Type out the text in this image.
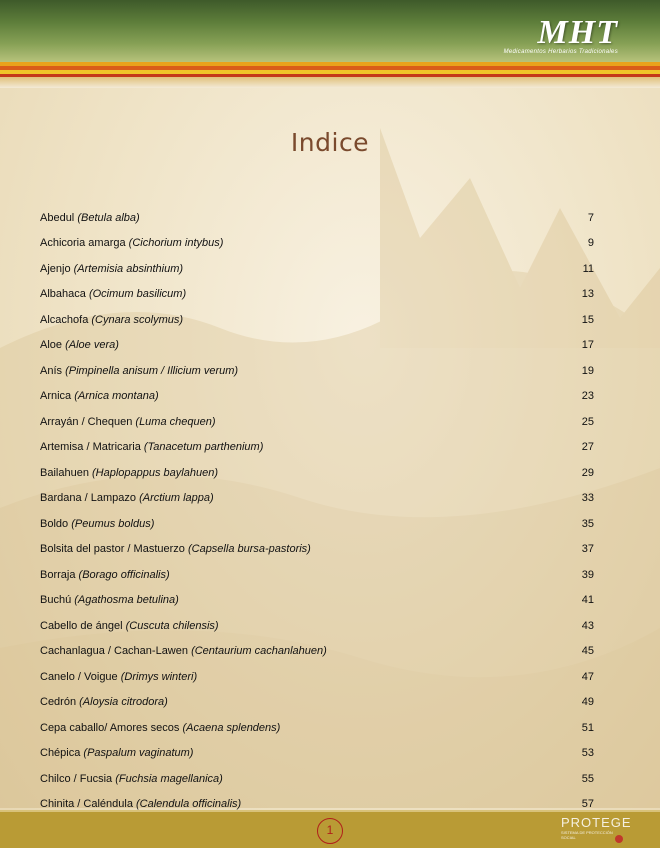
MHT
Medicamentos Herbarios Tradicionales
Indice
Abedul (Betula alba)	7
Achicoria amarga (Cichorium intybus)	9
Ajenjo (Artemisia absinthium)	11
Albahaca (Ocimum basilicum)	13
Alcachofa (Cynara scolymus)	15
Aloe (Aloe vera)	17
Anís (Pimpinella anisum / Illicium verum)	19
Arnica (Arnica montana)	23
Arrayán / Chequen (Luma chequen)	25
Artemisa / Matricaria (Tanacetum parthenium)	27
Bailahuen (Haplopappus baylahuen)	29
Bardana / Lampazo (Arctium lappa)	33
Boldo (Peumus boldus)	35
Bolsita del pastor / Mastuerzo (Capsella bursa-pastoris)	37
Borraja (Borago officinalis)	39
Buchú (Agathosma betulina)	41
Cabello de ángel (Cuscuta chilensis)	43
Cachanlagua / Cachan-Lawen (Centaurium cachanlahuen)	45
Canelo / Voigue (Drimys winteri)	47
Cedrón (Aloysia citrodora)	49
Cepa caballo/ Amores secos (Acaena splendens)	51
Chépica (Paspalum vaginatum)	53
Chilco / Fucsia (Fuchsia magellanica)	55
Chinita / Caléndula (Calendula officinalis)	57
1	PROTEGE
SISTEMA DE PROTECCIÓN SOCIAL
